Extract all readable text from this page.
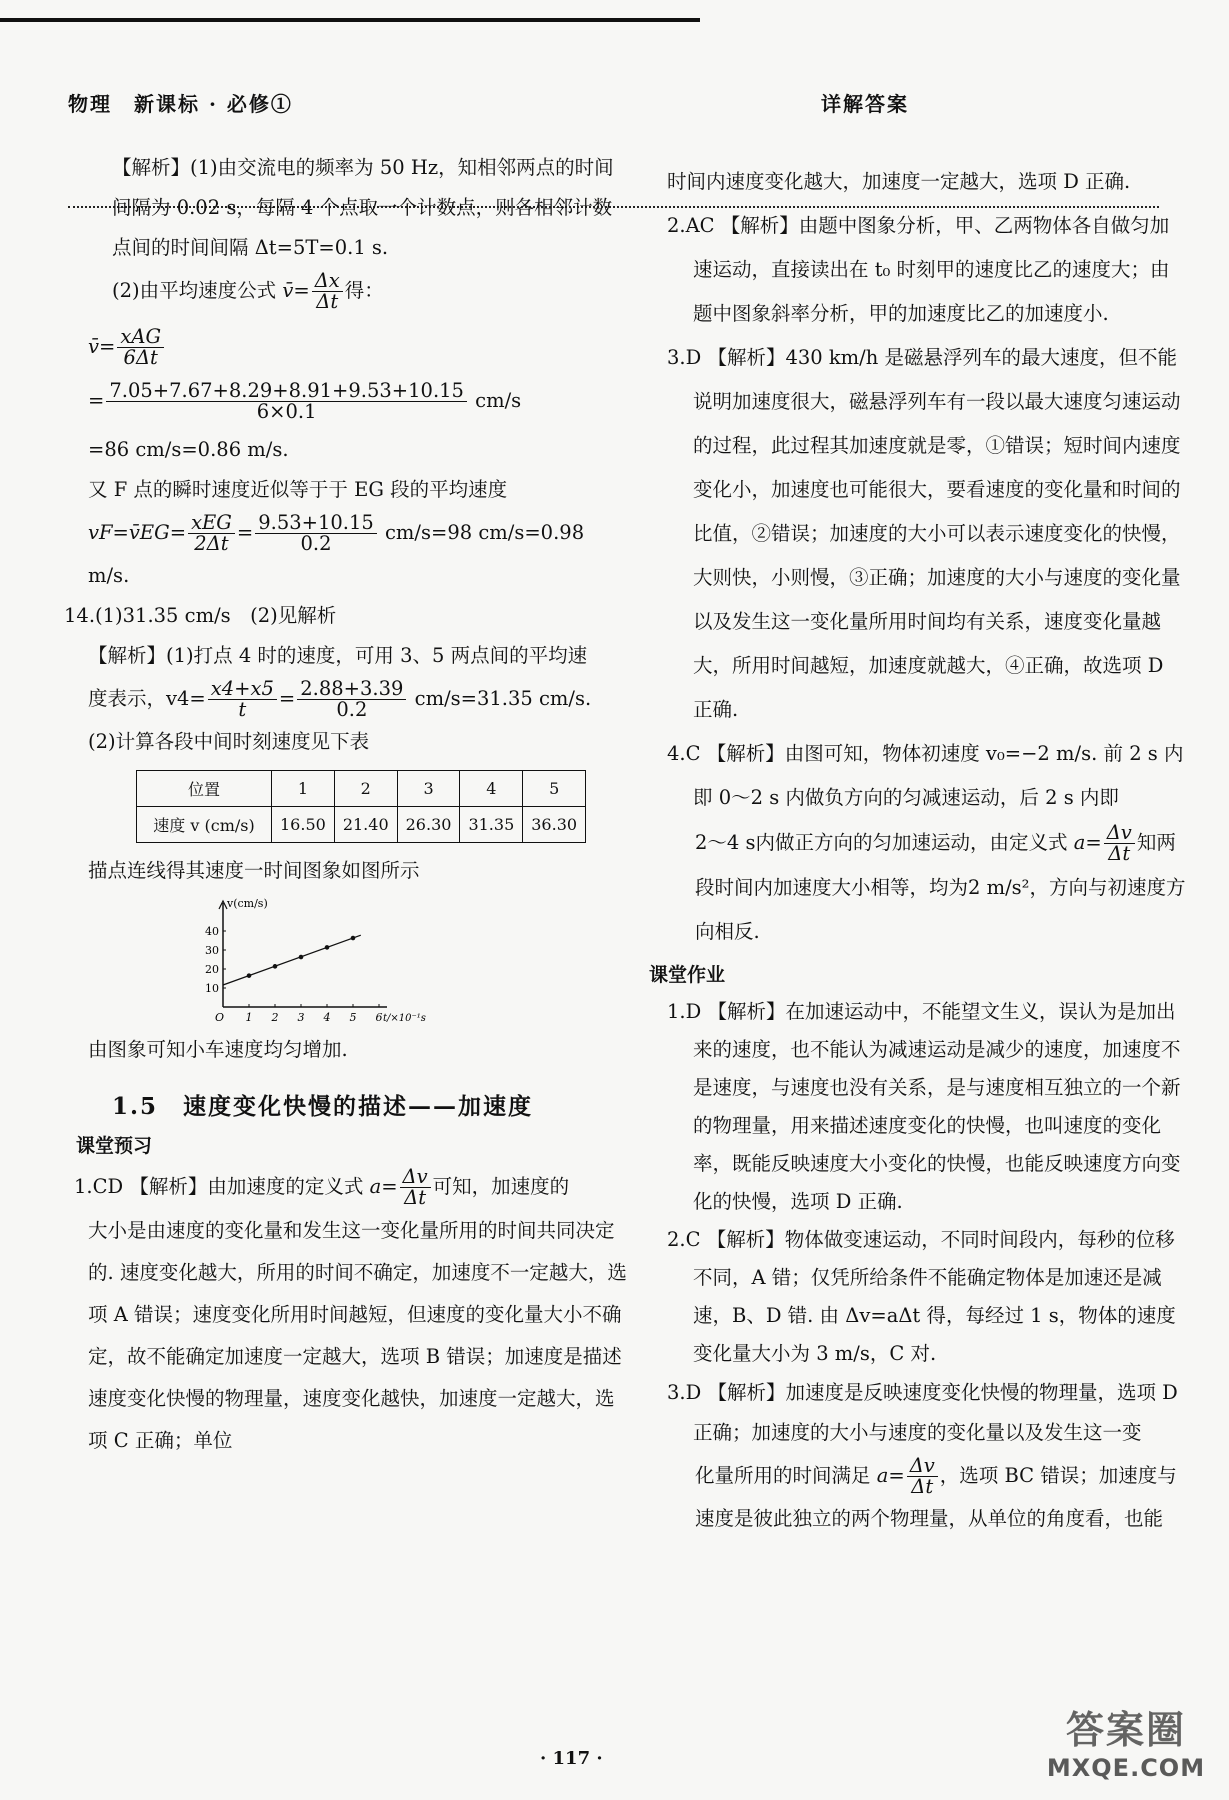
物理　新课标 · 必修①	详解答案

【解析】(1)由交流电的频率为 50 Hz，知相邻两点的时间间隔为 0.02 s，每隔 4 个点取一个计数点，则各相邻计数点间的时间间隔 Δt=5T=0.1 s.

(2)由平均速度公式 v̄= $\frac{\Delta x}{\Delta t}$ 得：

v̄= $\frac{\text{xAG}}{6\Delta t}$

= $\frac{7.05+7.67+8.29+8.91+9.53+10.15}{6\times 0.1} cm/s$

=86 cm/s=0.86 m/s.

又 F 点的瞬时速度近似等于于 EG 段的平均速度

vF=v̄EG= $\frac{\text{xEG}}{2\Delta t} = \frac{9.53+10.15}{0.2} cm/s=98$ cm/s=0.98

m/s.

14.(1)31.35 cm/s　(2)见解析

【解析】(1)打点 4 时的速度，可用 3、5 两点间的平均速

度表示，$v4= \frac{x4+x5}{t} = \frac{2.88+3.39}{0.2} cm/s=31.35$ cm/s.

(2)计算各段中间时刻速度见下表

位置	1	2	3	4	5
速度 v (cm/s)	16.50	21.40	26.30	31.35	36.30

描点连线得其速度一时间图象如图所示

1 2 3 4 5 6
10
20
30
40
O
v(cm/s)
t/×10⁻¹s

由图象可知小车速度均匀增加.

1.5　速度变化快慢的描述——加速度
课堂预习

1.CD 【解析】由加速度的定义式 $a= \frac{\Delta v}{\Delta t}$ 可知，加速度的

大小是由速度的变化量和发生这一变化量所用的时间共同决定的. 速度变化越大，所用的时间不确定，加速度不一定越大，选项 A 错误；速度变化所用时间越短，但速度的变化量大小不确定，故不能确定加速度一定越大，选项 B 错误；加速度是描述速度变化快慢的物理量，速度变化越快，加速度一定越大，选项 C 正确；单位

时间内速度变化越大，加速度一定越大，选项 D 正确.

2.AC 【解析】由题中图象分析，甲、乙两物体各自做匀加速运动，直接读出在 t₀ 时刻甲的速度比乙的速度大；由题中图象斜率分析，甲的加速度比乙的加速度小.

3.D 【解析】430 km/h 是磁悬浮列车的最大速度，但不能说明加速度很大，磁悬浮列车有一段以最大速度匀速运动的过程，此过程其加速度就是零，①错误；短时间内速度变化小，加速度也可能很大，要看速度的变化量和时间的比值，②错误；加速度的大小可以表示速度变化的快慢，大则快，小则慢，③正确；加速度的大小与速度的变化量以及发生这一变化量所用时间均有关系，速度变化量越大，所用时间越短，加速度就越大，④正确，故选项 D 正确.

4.C 【解析】由图可知，物体初速度 v₀=−2 m/s. 前 2 s 内即 0～2 s 内做负方向的匀减速运动，后 2 s 内即

2～4 s内做正方向的匀加速运动，由定义式 $a= \frac{\Delta v}{\Delta t}$ 知两

段时间内加速度大小相等，均为2 m/s²，方向与初速度方向相反.

课堂作业

1.D 【解析】在加速运动中，不能望文生义，误认为是加出来的速度，也不能认为减速运动是减少的速度，加速度不是速度，与速度也没有关系，是与速度相互独立的一个新的物理量，用来描述速度变化的快慢，也叫速度的变化率，既能反映速度大小变化的快慢，也能反映速度方向变化的快慢，选项 D 正确.

2.C 【解析】物体做变速运动，不同时间段内，每秒的位移不同，A 错；仅凭所给条件不能确定物体是加速还是减速，B、D 错. 由 Δv=aΔt 得，每经过 1 s，物体的速度变化量大小为 3 m/s，C 对.

3.D 【解析】加速度是反映速度变化快慢的物理量，选项 D 正确；加速度的大小与速度的变化量以及发生这一变

化量所用的时间满足 $a= \frac{\Delta v}{\Delta t}$ ，选项 BC 错误；加速度与

速度是彼此独立的两个物理量，从单位的角度看，也能

· 117 ·
答案圈
MXQE.COM
